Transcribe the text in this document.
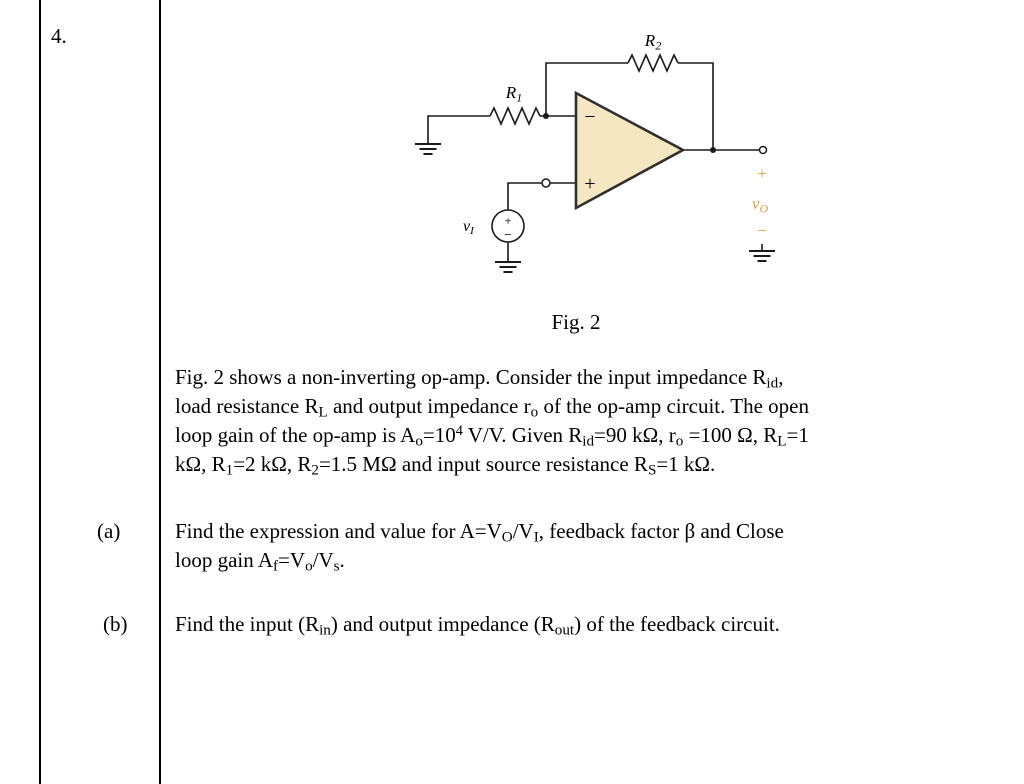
4.
−
+
+
−
$R_2$
$R_1$
vI
+
$v_O$
−
Fig. 2
Fig. 2 shows a non-inverting op-amp. Consider the input impedance $R_{id}$,
load resistance $R_L$ and output impedance $r_o$ of the op-amp circuit. The open
loop gain of the op-amp is $A_o=10^4$ V/V. Given $R_{id}=90$ kΩ, $r_o =100$ Ω, $R_L=1$
kΩ, $R_1=2$ kΩ, $R_2=1.5$ MΩ and input source resistance $R_S=1$ kΩ.
(a)	Find the expression and value for $A=V_O/V_I$, feedback factor β and Close
loop gain $A_f=V_o/V_s$.
(b) Find the input $(R_{in})$ and output impedance $(R_{out})$ of the feedback circuit.
